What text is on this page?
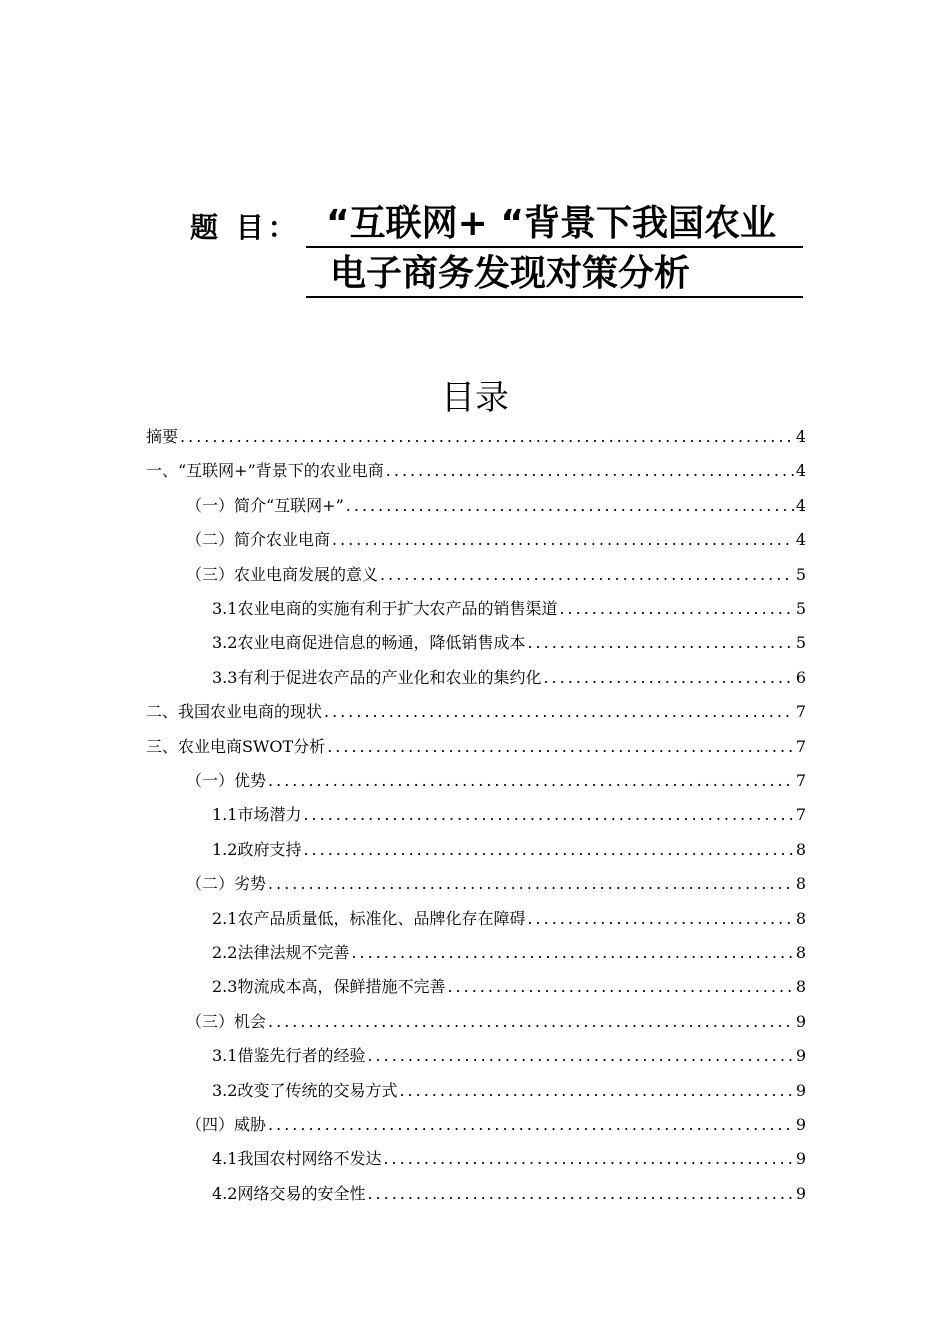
题 目： “互联网+ “背景下我国农业
电子商务发现对策分析
目录
摘要 .....	4
一、“互联网+”背景下的农业电商 .....	4
（一）简介“互联网+” .....	4
（二）简介农业电商 .....	4
（三）农业电商发展的意义 .....	5
3.1农业电商的实施有利于扩大农产品的销售渠道 .....	5
3.2农业电商促进信息的畅通，降低销售成本 .....	5
3.3有利于促进农产品的产业化和农业的集约化 .....	6
二、我国农业电商的现状 .....	7
三、农业电商SWOT分析 .....	7
（一）优势 .....	7
1.1市场潜力 .....	7
1.2政府支持 .....	8
（二）劣势 .....	8
2.1农产品质量低，标准化、品牌化存在障碍 .....	8
2.2法律法规不完善 .....	8
2.3物流成本高，保鲜措施不完善 .....	8
（三）机会 .....	9
3.1借鉴先行者的经验 .....	9
3.2改变了传统的交易方式 .....	9
（四）威胁 .....	9
4.1我国农村网络不发达 .....	9
4.2网络交易的安全性 .....	9
